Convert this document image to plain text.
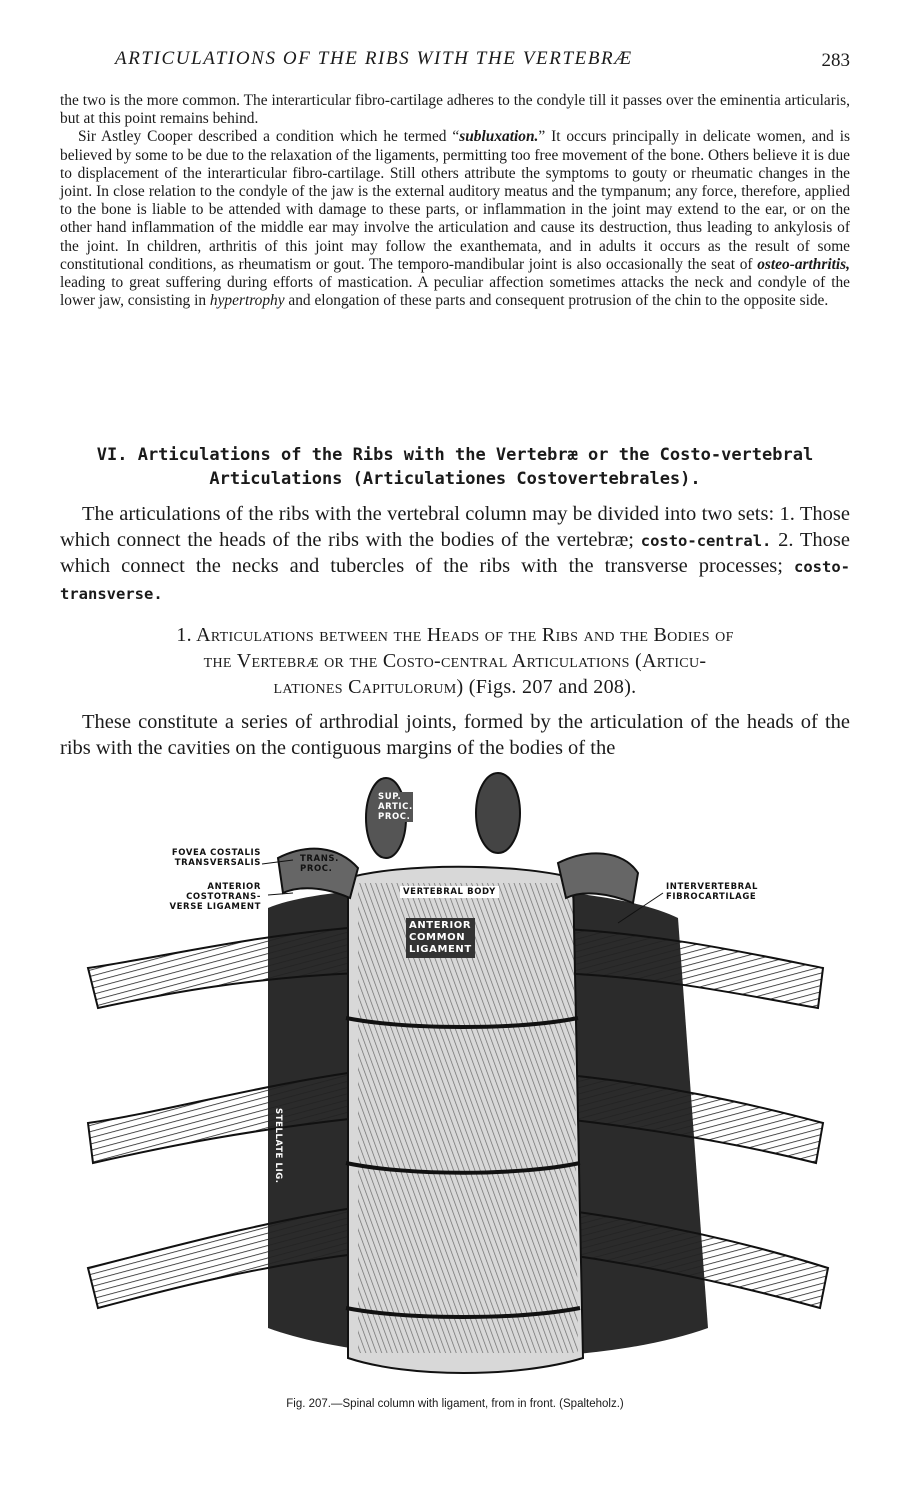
ARTICULATIONS OF THE RIBS WITH THE VERTEBRÆ	283

the two is the more common. The interarticular fibro-cartilage adheres to the condyle till it passes over the eminentia articularis, but at this point remains behind.

Sir Astley Cooper described a condition which he termed “subluxation.” It occurs principally in delicate women, and is believed by some to be due to the relaxation of the ligaments, permitting too free movement of the bone. Others believe it is due to displacement of the interarticular fibro-cartilage. Still others attribute the symptoms to gouty or rheumatic changes in the joint. In close relation to the condyle of the jaw is the external auditory meatus and the tympanum; any force, therefore, applied to the bone is liable to be attended with damage to these parts, or inflammation in the joint may extend to the ear, or on the other hand inflammation of the middle ear may involve the articulation and cause its destruction, thus leading to ankylosis of the joint. In children, arthritis of this joint may follow the exanthemata, and in adults it occurs as the result of some constitutional conditions, as rheumatism or gout. The temporo-mandibular joint is also occasionally the seat of osteo-arthritis, leading to great suffering during efforts of mastication. A peculiar affection sometimes attacks the neck and condyle of the lower jaw, consisting in hypertrophy and elongation of these parts and consequent protrusion of the chin to the opposite side.

VI. Articulations of the Ribs with the Vertebræ or the Costo-vertebral
Articulations (Articulationes Costovertebrales).

The articulations of the ribs with the vertebral column may be divided into two sets: 1. Those which connect the heads of the ribs with the bodies of the vertebræ; costo-central. 2. Those which connect the necks and tubercles of the ribs with the transverse processes; costo-transverse.

1. Articulations between the Heads of the Ribs and the Bodies of
the Vertebræ or the Costo-central Articulations (Articu-
lationes Capitulorum) (Figs. 207 and 208).

These constitute a series of arthrodial joints, formed by the articulation of the heads of the ribs with the cavities on the contiguous margins of the bodies of the

FOVEA COSTALIS
TRANSVERSALIS
ANTERIOR
COSTOTRANS-
VERSE LIGAMENT
INTERVERTEBRAL
FIBROCARTILAGE
SUP.
ARTIC.
PROC.
TRANS.
PROC.
VERTEBRAL BODY
ANTERIOR
COMMON
LIGAMENT
STELLATE LIG.
Fig. 207.—Spinal column with ligament, from in front. (Spalteholz.)
